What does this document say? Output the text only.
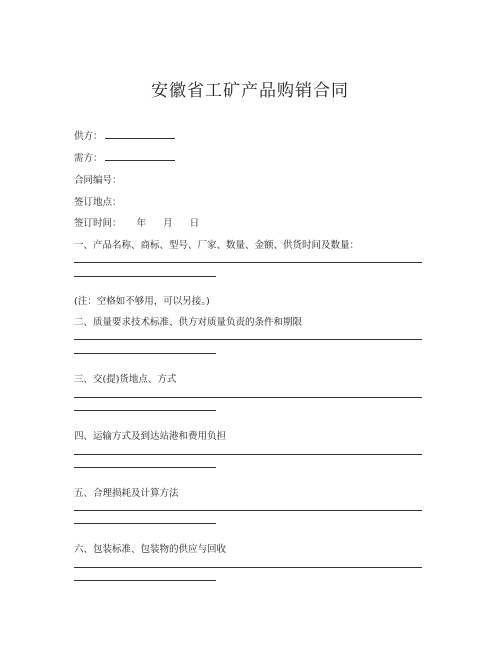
安徽省工矿产品购销合同
供方：
需方：
合同编号：
签订地点：
签订时间： 年 月 日
一、产品名称、商标、型号、厂家、数量、金额、供货时间及数量：
(注：空格如不够用，可以另接。)
二、质量要求技术标准、供方对质量负责的条件和期限
三、交(提)货地点、方式
四、运输方式及到达站港和费用负担
五、合理损耗及计算方法
六、包装标准、包装物的供应与回收
